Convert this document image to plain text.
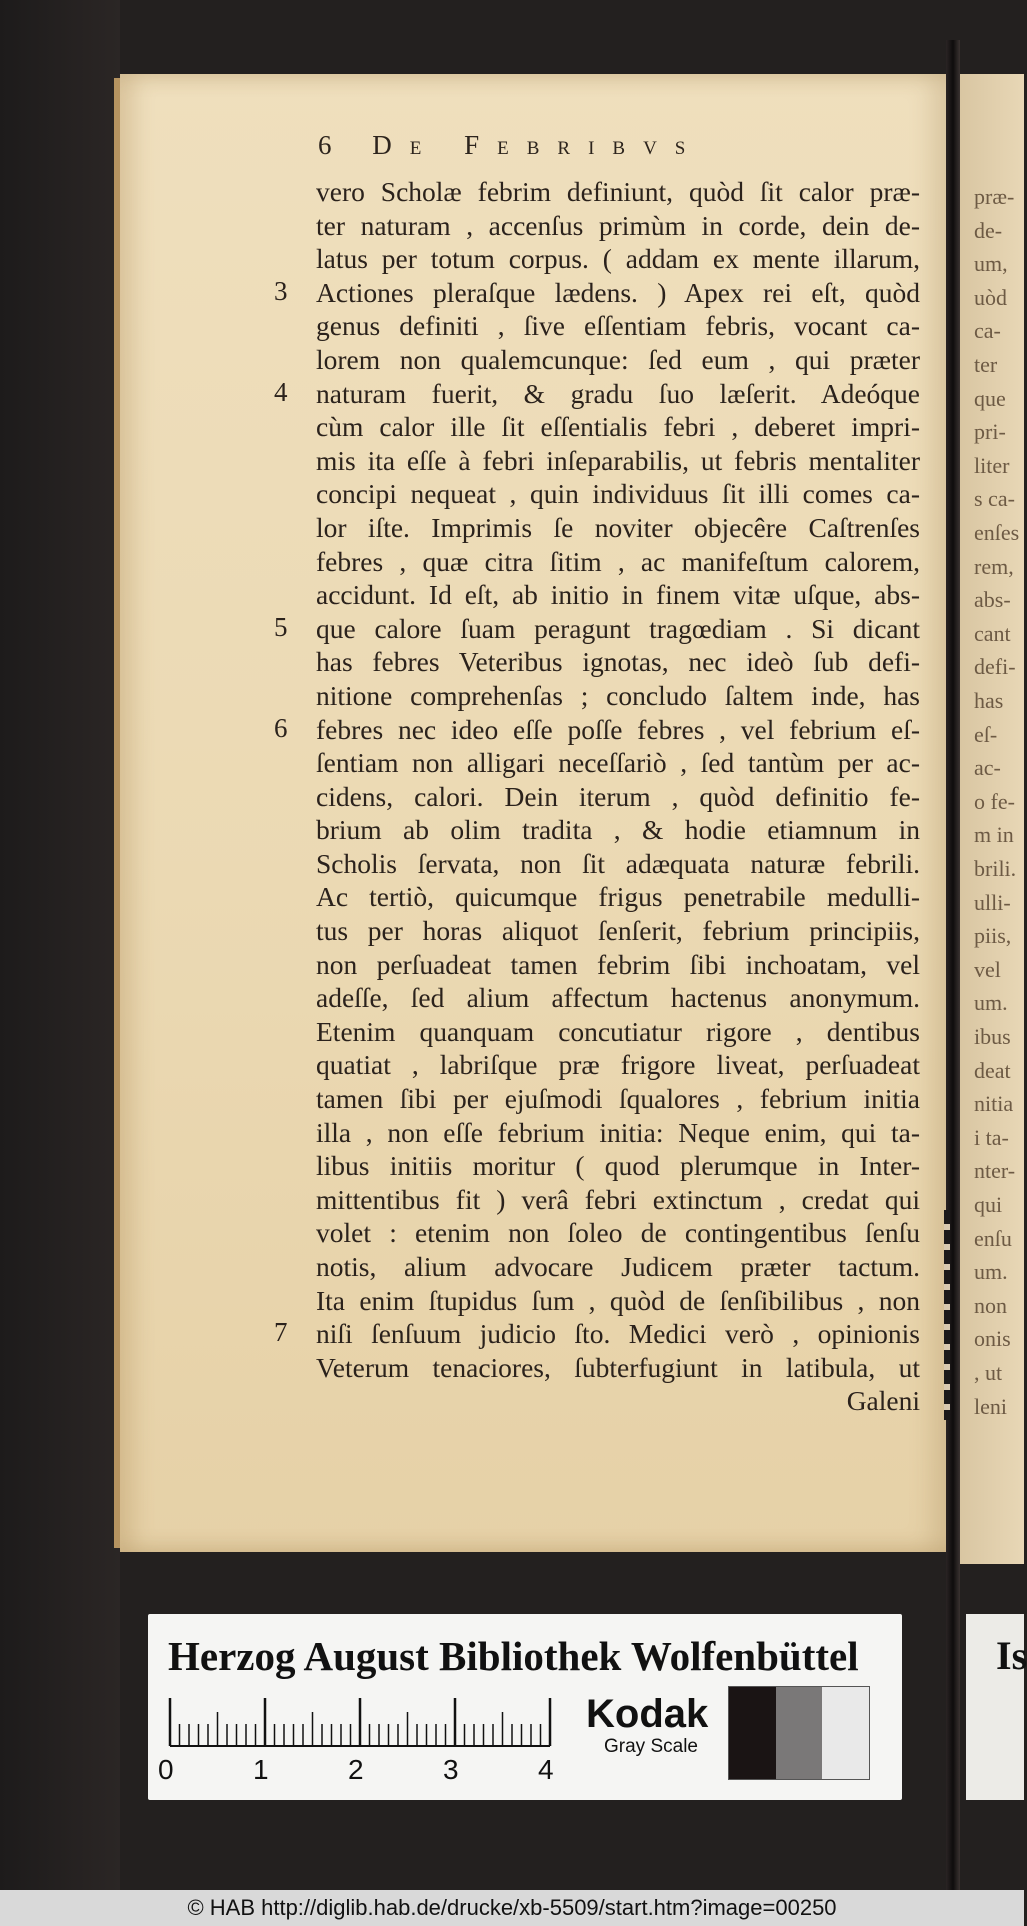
præ-
de-
um,
uòd
ca-
ter
que
pri-
liter
s ca-
enſes
rem,
abs-
cant
defi-
has
eſ-
ac-
o fe-
m in
brili.
ulli-
piis,
vel
um.
ibus
deat
nitia
i ta-
nter-
qui
enſu
um.
non
onis
, ut
leni
6 De Febribvs
vero Scholæ febrim definiunt, quòd ſit calor præ-
ter naturam , accenſus primùm in corde, dein de-
latus per totum corpus. ( addam ex mente illarum,
Actiones pleraſque lædens. ) Apex rei eſt, quòd
genus definiti , ſive eſſentiam febris, vocant ca-
lorem non qualemcunque: ſed eum , qui præter
naturam fuerit, & gradu ſuo læſerit. Adeóque
cùm calor ille ſit eſſentialis febri , deberet impri-
mis ita eſſe à febri inſeparabilis, ut febris mentaliter
concipi nequeat , quin individuus ſit illi comes ca-
lor iſte. Imprimis ſe noviter objecêre Caſtrenſes
febres , quæ citra ſitim , ac manifeſtum calorem,
accidunt. Id eſt, ab initio in finem vitæ uſque, abs-
que calore ſuam peragunt tragœdiam . Si dicant
has febres Veteribus ignotas, nec ideò ſub defi-
nitione comprehenſas ; concludo ſaltem inde, has
febres nec ideo eſſe poſſe febres , vel febrium eſ-
ſentiam non alligari neceſſariò , ſed tantùm per ac-
cidens, calori. Dein iterum , quòd definitio fe-
brium ab olim tradita , & hodie etiamnum in
Scholis ſervata, non ſit adæquata naturæ febrili.
Ac tertiò, quicumque frigus penetrabile medulli-
tus per horas aliquot ſenſerit, febrium principiis,
non perſuadeat tamen febrim ſibi inchoatam, vel
adeſſe, ſed alium affectum hactenus anonymum.
Etenim quanquam concutiatur rigore , dentibus
quatiat , labriſque præ frigore liveat, perſuadeat
tamen ſibi per ejuſmodi ſqualores , febrium initia
illa , non eſſe febrium initia: Neque enim, qui ta-
libus initiis moritur ( quod plerumque in Inter-
mittentibus fit ) verâ febri extinctum , credat qui
volet : etenim non ſoleo de contingentibus ſenſu
notis, alium advocare Judicem præter tactum.
Ita enim ſtupidus ſum , quòd de ſenſibilibus , non
niſi ſenſuum judicio ſto. Medici verò , opinionis
Veterum tenaciores, ſubterfugiunt in latibula, ut
Galeni
3
4
5
6
7
Herzog August Bibliothek Wolfenbüttel
0	1	2	3	4
Kodak
Gray Scale
Is
© HAB http://diglib.hab.de/drucke/xb-5509/start.htm?image=00250
